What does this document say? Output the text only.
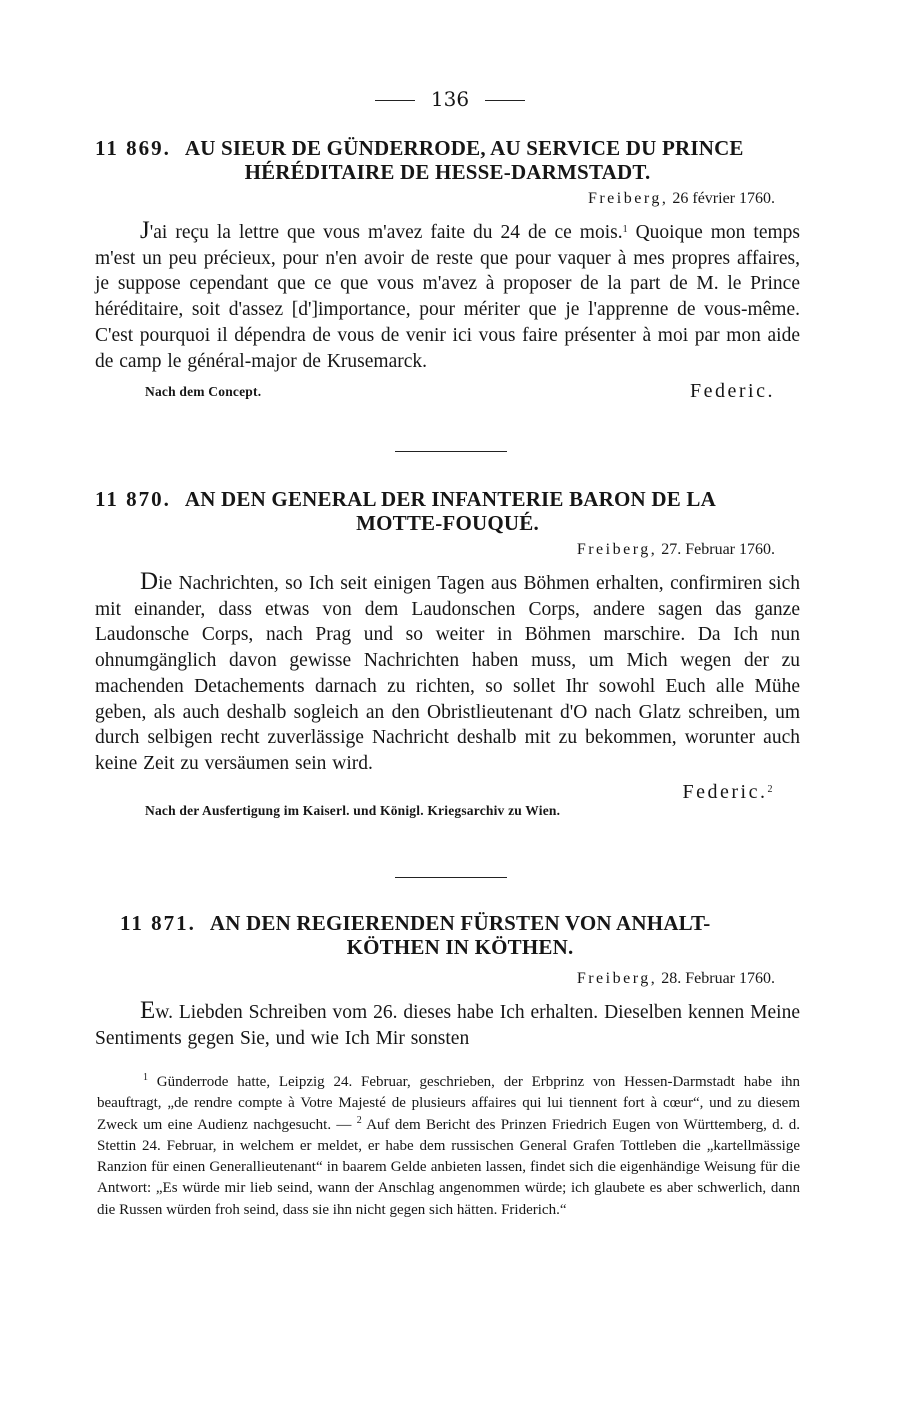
136
11 869. AU SIEUR DE GÜNDERRODE, AU SERVICE DU PRINCE
HÉRÉDITAIRE DE HESSE-DARMSTADT.
Freiberg, 26 février 1760.

J'ai reçu la lettre que vous m'avez faite du 24 de ce mois.$^1$ Quoique mon temps m'est un peu précieux, pour n'en avoir de reste que pour vaquer à mes propres affaires, je suppose cependant que ce que vous m'avez à proposer de la part de M. le Prince héréditaire, soit d'assez [d']importance, pour mériter que je l'apprenne de vous-même. C'est pourquoi il dépendra de vous de venir ici vous faire présenter à moi par mon aide de camp le général-major de Krusemarck.

Nach dem Concept.	Federic.
11 870. AN DEN GENERAL DER INFANTERIE BARON DE LA
MOTTE-FOUQUÉ.
Freiberg, 27. Februar 1760.

Die Nachrichten, so Ich seit einigen Tagen aus Böhmen erhalten, confirmiren sich mit einander, dass etwas von dem Laudonschen Corps, andere sagen das ganze Laudonsche Corps, nach Prag und so weiter in Böhmen marschire. Da Ich nun ohnumgänglich davon gewisse Nachrichten haben muss, um Mich wegen der zu machenden Detachements darnach zu richten, so sollet Ihr sowohl Euch alle Mühe geben, als auch deshalb sogleich an den Obristlieutenant d'O nach Glatz schreiben, um durch selbigen recht zuverlässige Nachricht deshalb mit zu bekommen, worunter auch keine Zeit zu versäumen sein wird.

Federic.$^2$
Nach der Ausfertigung im Kaiserl. und Königl. Kriegsarchiv zu Wien.
11 871. AN DEN REGIERENDEN FÜRSTEN VON ANHALT-
KÖTHEN IN KÖTHEN.
Freiberg, 28. Februar 1760.

Ew. Liebden Schreiben vom 26. dieses habe Ich erhalten. Dieselben kennen Meine Sentiments gegen Sie, und wie Ich Mir sonsten

$^1$ Günderrode hatte, Leipzig 24. Februar, geschrieben, der Erbprinz von Hessen-Darmstadt habe ihn beauftragt, „de rendre compte à Votre Majesté de plusieurs affaires qui lui tiennent fort à cœur“, und zu diesem Zweck um eine Audienz nachgesucht. — $^2$ Auf dem Bericht des Prinzen Friedrich Eugen von Württemberg, d. d. Stettin 24. Februar, in welchem er meldet, er habe dem russischen General Grafen Tottleben die „kartellmässige Ranzion für einen Generallieutenant“ in baarem Gelde anbieten lassen, findet sich die eigenhändige Weisung für die Antwort: „Es würde mir lieb seind, wann der Anschlag angenommen würde; ich glaubete es aber schwerlich, dann die Russen würden froh seind, dass sie ihn nicht gegen sich hätten. Friderich.“
